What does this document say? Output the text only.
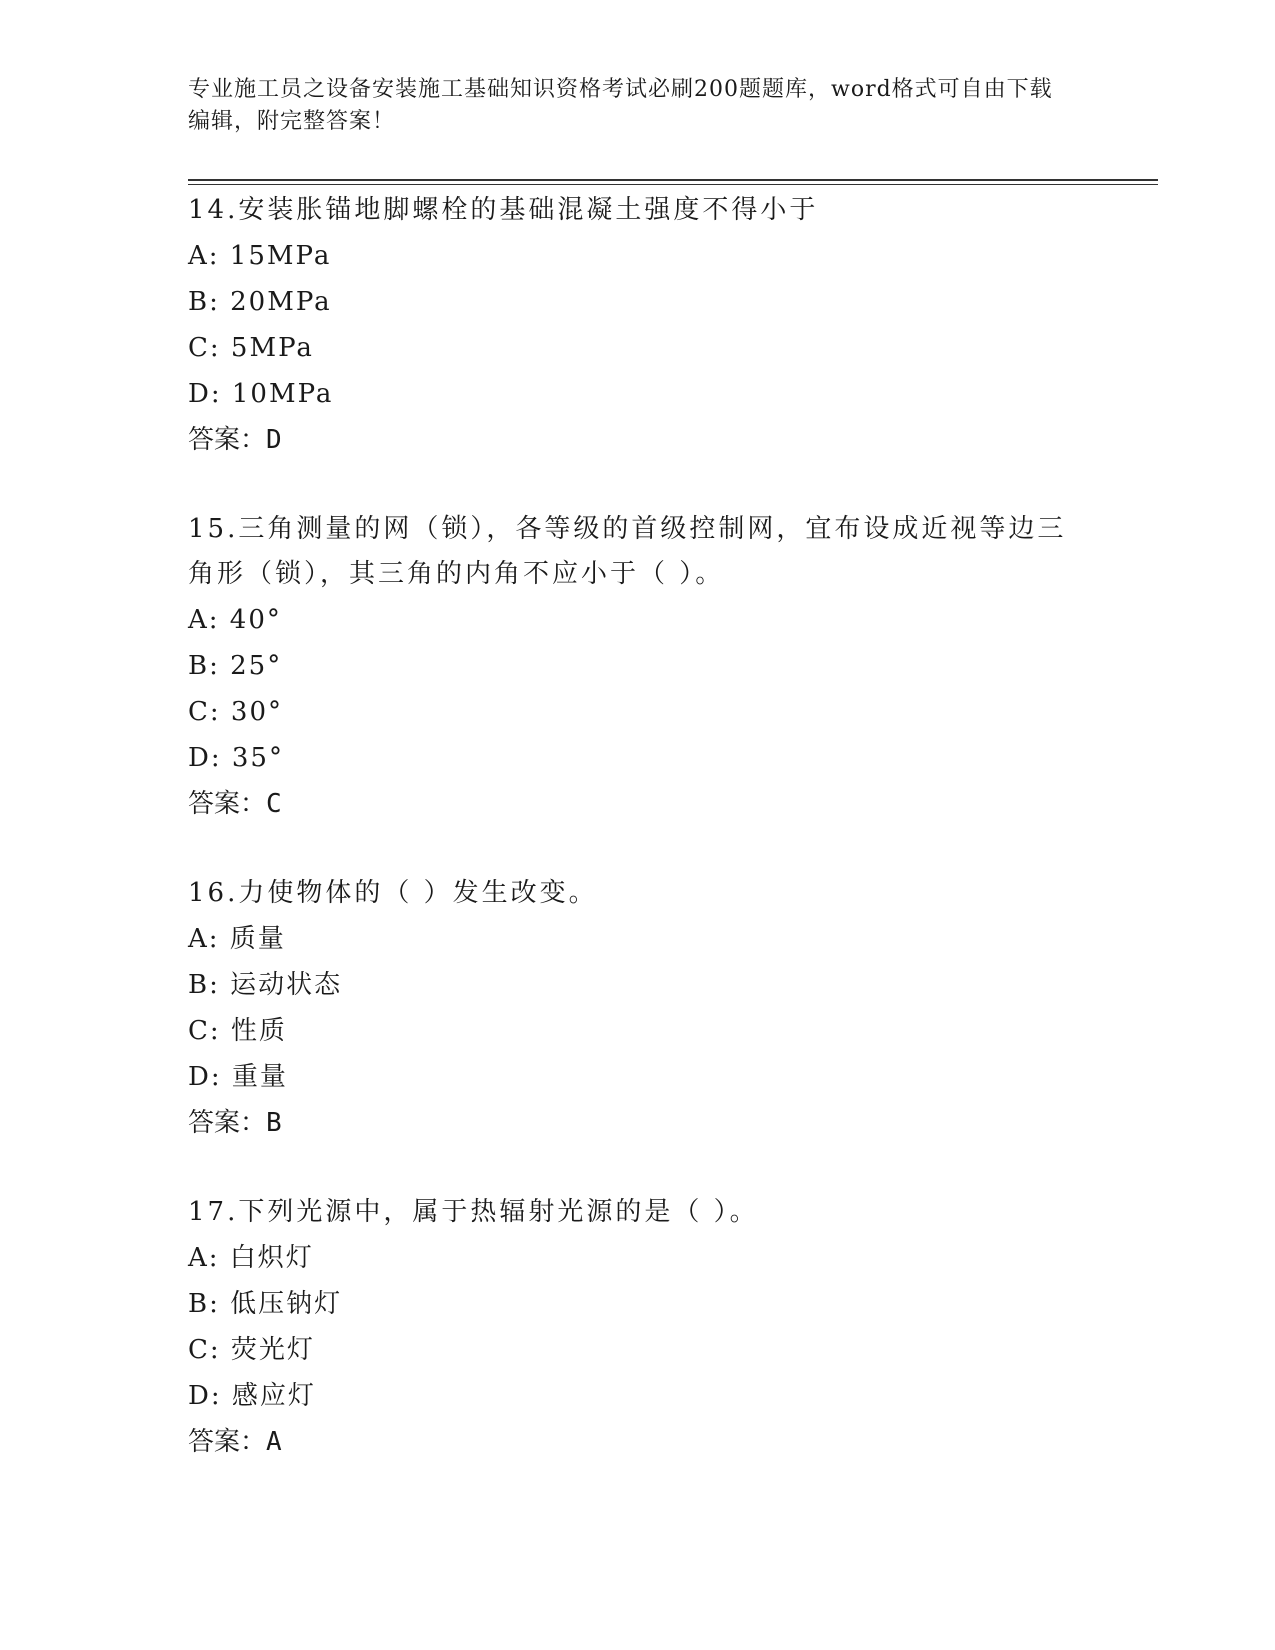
专业施工员之设备安装施工基础知识资格考试必刷200题题库，word格式可自由下载编辑，附完整答案！
14.安装胀锚地脚螺栓的基础混凝土强度不得小于
A: 15MPa
B: 20MPa
C: 5MPa
D: 10MPa
答案：D
15.三角测量的网（锁），各等级的首级控制网，宜布设成近视等边三角形（锁），其三角的内角不应小于（ ）。
A: 40°
B: 25°
C: 30°
D: 35°
答案：C
16.力使物体的（ ）发生改变。
A: 质量
B: 运动状态
C: 性质
D: 重量
答案：B
17.下列光源中，属于热辐射光源的是（ ）。
A: 白炽灯
B: 低压钠灯
C: 荧光灯
D: 感应灯
答案：A
